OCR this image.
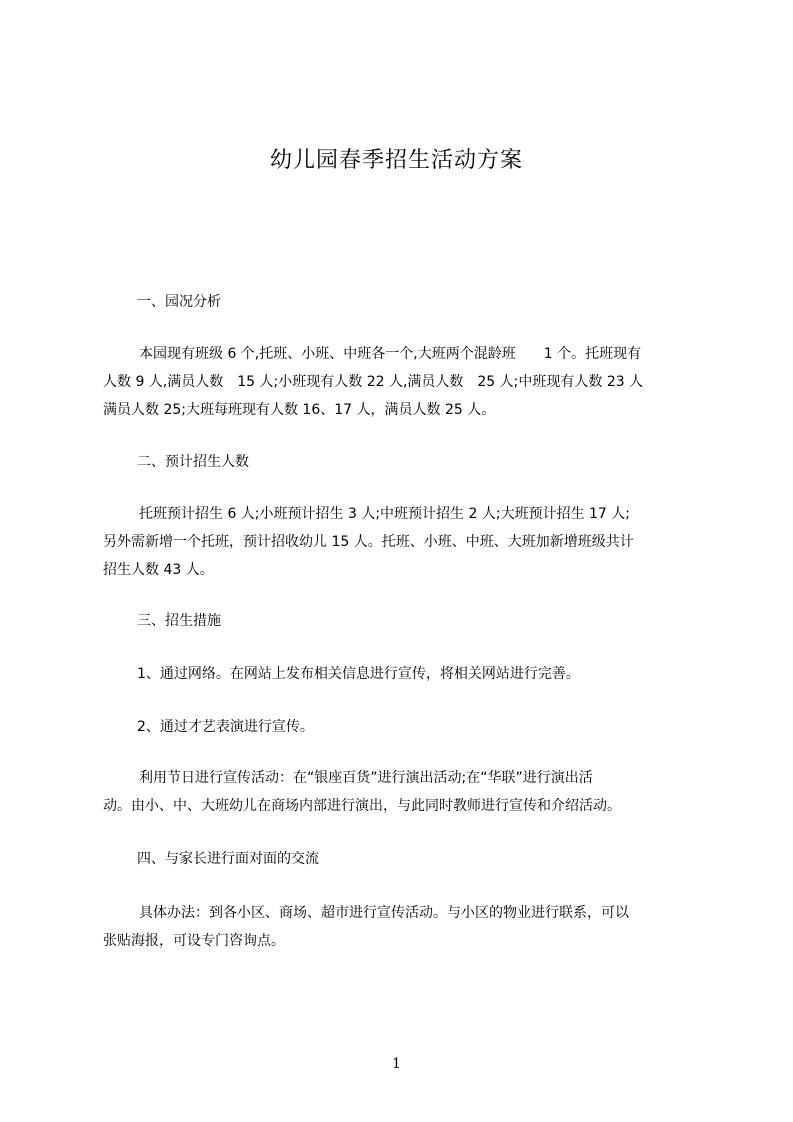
幼儿园春季招生活动方案
一、园况分析
本园现有班级 6 个,托班、小班、中班各一个,大班两个混龄班　　1 个。托班现有
人数 9 人,满员人数　15 人;小班现有人数 22 人,满员人数　25 人;中班现有人数 23 人
满员人数 25;大班每班现有人数 16、17 人，满员人数 25 人。
二、预计招生人数
托班预计招生 6 人;小班预计招生 3 人;中班预计招生 2 人;大班预计招生 17 人;
另外需新增一个托班，预计招收幼儿 15 人。托班、小班、中班、大班加新增班级共计
招生人数 43 人。
三、招生措施
1、通过网络。在网站上发布相关信息进行宣传，将相关网站进行完善。
2、通过才艺表演进行宣传。
利用节日进行宣传活动：在“银座百货”进行演出活动;在“华联”进行演出活
动。由小、中、大班幼儿在商场内部进行演出，与此同时教师进行宣传和介绍活动。
四、与家长进行面对面的交流
具体办法：到各小区、商场、超市进行宣传活动。与小区的物业进行联系，可以
张贴海报，可设专门咨询点。
1
